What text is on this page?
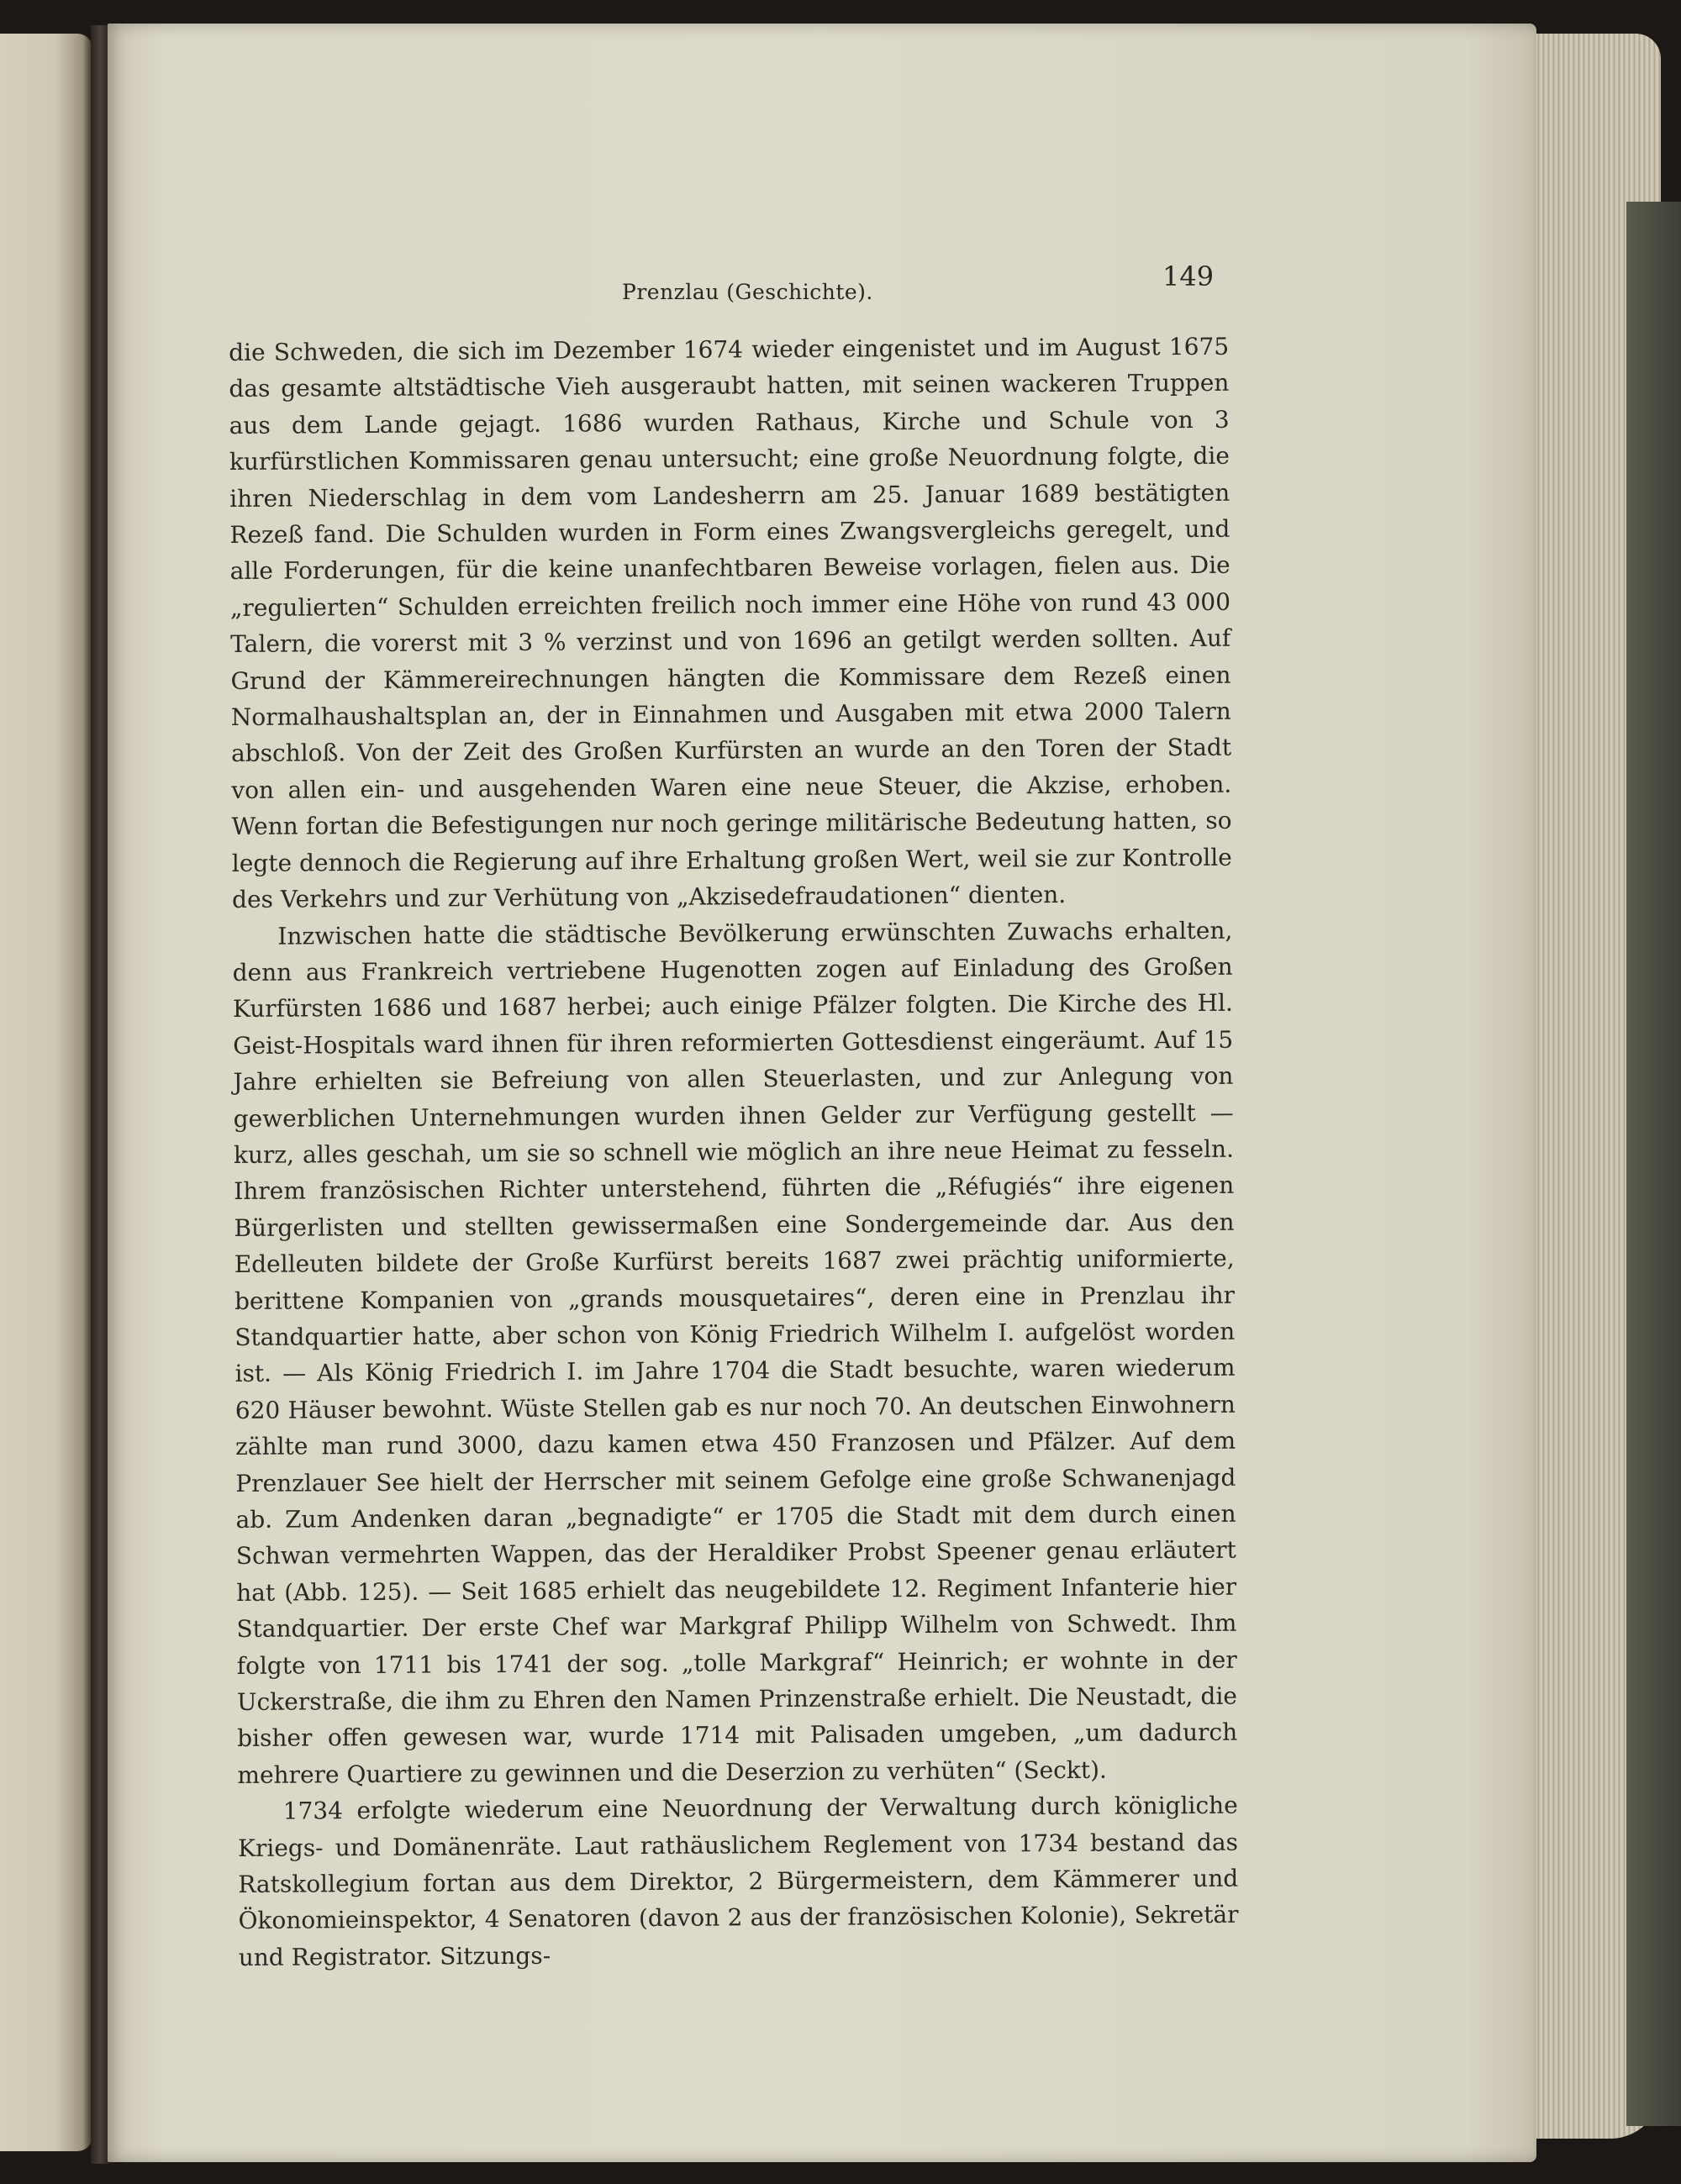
Prenzlau (Geschichte).	149

die Schweden, die sich im Dezember 1674 wieder eingenistet und im August 1675 das gesamte altstädtische Vieh ausgeraubt hatten, mit seinen wackeren Truppen aus dem Lande gejagt. 1686 wurden Rathaus, Kirche und Schule von 3 kurfürstlichen Kommissaren genau untersucht; eine große Neuordnung folgte, die ihren Niederschlag in dem vom Landesherrn am 25. Januar 1689 bestätigten Rezeß fand. Die Schulden wurden in Form eines Zwangsvergleichs geregelt, und alle Forderungen, für die keine unanfechtbaren Beweise vorlagen, fielen aus. Die „regulierten“ Schulden erreichten freilich noch immer eine Höhe von rund 43 000 Talern, die vorerst mit 3 % verzinst und von 1696 an getilgt werden sollten. Auf Grund der Kämmereirechnungen hängten die Kommissare dem Rezeß einen Normalhaushaltsplan an, der in Einnahmen und Ausgaben mit etwa 2000 Talern abschloß. Von der Zeit des Großen Kurfürsten an wurde an den Toren der Stadt von allen ein- und ausgehenden Waren eine neue Steuer, die Akzise, erhoben. Wenn fortan die Befestigungen nur noch geringe militärische Bedeutung hatten, so legte dennoch die Regierung auf ihre Erhaltung großen Wert, weil sie zur Kontrolle des Verkehrs und zur Verhütung von „Akzisedefraudationen“ dienten.

Inzwischen hatte die städtische Bevölkerung erwünschten Zuwachs erhalten, denn aus Frankreich vertriebene Hugenotten zogen auf Einladung des Großen Kurfürsten 1686 und 1687 herbei; auch einige Pfälzer folgten. Die Kirche des Hl. Geist-Hospitals ward ihnen für ihren reformierten Gottesdienst eingeräumt. Auf 15 Jahre erhielten sie Befreiung von allen Steuerlasten, und zur Anlegung von gewerblichen Unternehmungen wurden ihnen Gelder zur Verfügung gestellt — kurz, alles geschah, um sie so schnell wie möglich an ihre neue Heimat zu fesseln. Ihrem französischen Richter unterstehend, führten die „Réfugiés“ ihre eigenen Bürgerlisten und stellten gewissermaßen eine Sondergemeinde dar. Aus den Edelleuten bildete der Große Kurfürst bereits 1687 zwei prächtig uniformierte, berittene Kompanien von „grands mousquetaires“, deren eine in Prenzlau ihr Standquartier hatte, aber schon von König Friedrich Wilhelm I. aufgelöst worden ist. — Als König Friedrich I. im Jahre 1704 die Stadt besuchte, waren wiederum 620 Häuser bewohnt. Wüste Stellen gab es nur noch 70. An deutschen Einwohnern zählte man rund 3000, dazu kamen etwa 450 Franzosen und Pfälzer. Auf dem Prenzlauer See hielt der Herrscher mit seinem Gefolge eine große Schwanenjagd ab. Zum Andenken daran „begnadigte“ er 1705 die Stadt mit dem durch einen Schwan vermehrten Wappen, das der Heraldiker Probst Speener genau erläutert hat (Abb. 125). — Seit 1685 erhielt das neugebildete 12. Regiment Infanterie hier Standquartier. Der erste Chef war Markgraf Philipp Wilhelm von Schwedt. Ihm folgte von 1711 bis 1741 der sog. „tolle Markgraf“ Heinrich; er wohnte in der Uckerstraße, die ihm zu Ehren den Namen Prinzenstraße erhielt. Die Neustadt, die bisher offen gewesen war, wurde 1714 mit Palisaden umgeben, „um dadurch mehrere Quartiere zu gewinnen und die Deserzion zu verhüten“ (Seckt).

1734 erfolgte wiederum eine Neuordnung der Verwaltung durch königliche Kriegs- und Domänenräte. Laut rathäuslichem Reglement von 1734 bestand das Ratskollegium fortan aus dem Direktor, 2 Bürgermeistern, dem Kämmerer und Ökonomieinspektor, 4 Senatoren (davon 2 aus der französischen Kolonie), Sekretär und Registrator. Sitzungs-
